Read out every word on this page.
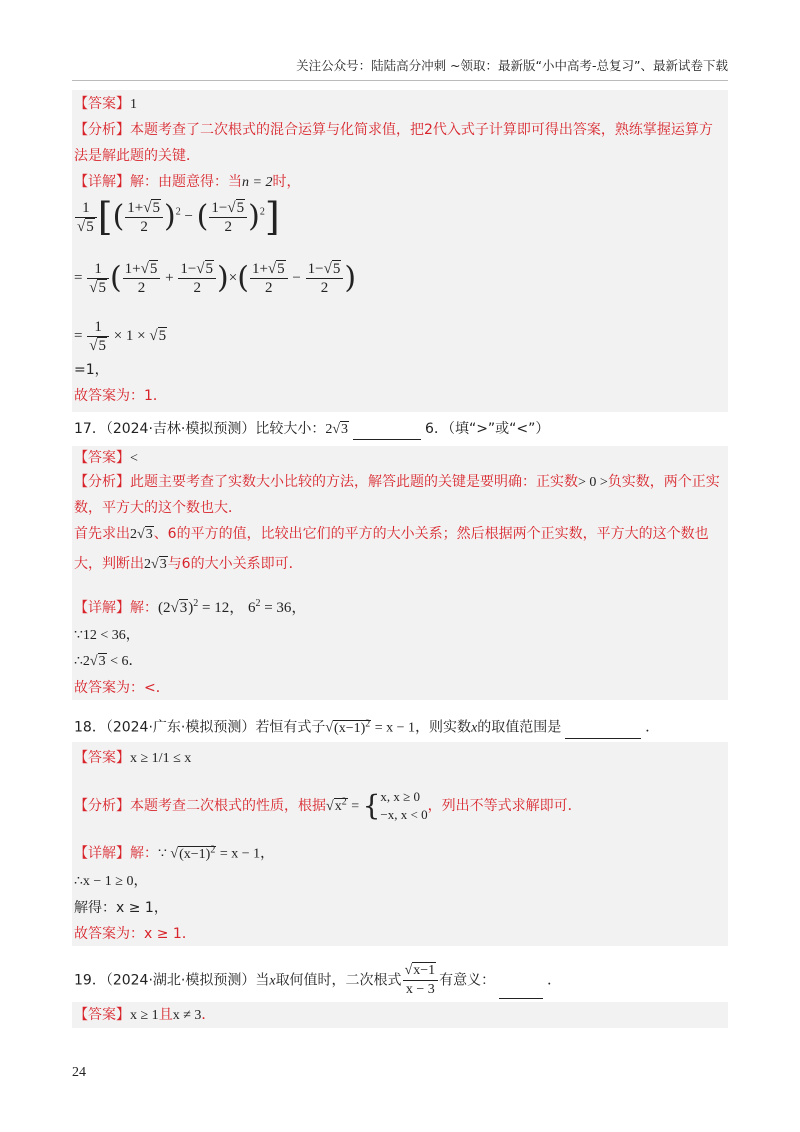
关注公众号：陆陆高分冲刺 ~领取：最新版“小中高考-总复习”、最新试卷下载
【答案】1
【分析】本题考查了二次根式的混合运算与化简求值，把2代入式子计算即可得出答案，熟练掌握运算方
法是解此题的关键．
【详解】解：由题意得：当n = 2时，
$\frac{1}{√5}$ [( $\frac{1+√5}{2} )^2$ − ( $\frac{1-√5}{2} )^2$]
= $\frac{1}{√5}$ ( $\frac{1+√5}{2} + \frac{1-√5}{2}$ )×( $\frac{1+√5}{2} - \frac{1-√5}{2}$ )
= $\frac{1}{√5} \times 1 \times √5$
=1，
故答案为：1．
17．（2024·吉林·模拟预测）比较大小：2√3	6．（填“>”或“<”）
【答案】<
【分析】此题主要考查了实数大小比较的方法，解答此题的关键是要明确：正实数> 0 >负实数，两个正实
数，平方大的这个数也大．
首先求出2√3、6的平方的值，比较出它们的平方的大小关系；然后根据两个正实数，平方大的这个数也
大，判断出2√3与6的大小关系即可．
【详解】解：$(2√3)^2 = 12$， $6^2 = 36$，
∵12 < 36，
∴2√3 < 6．
故答案为：<．
18．（2024·广东·模拟预测）若恒有式子$√(x-1)^2 = x - 1$，则实数x的取值范围是	．
【答案】x ≥ 1/1 ≤ x
【分析】本题考查二次根式的性质，根据$√x^2$ = { x, x ≥ 0
−x, x < 0
，列出不等式求解即可．
【详解】解：∵ $√(x-1)^2 = x - 1$，
∴x − 1 ≥ 0，
解得：x ≥ 1，
故答案为：x ≥ 1．
19．（2024·湖北·模拟预测）当x取何值时，二次根式 $\frac{√x-1}{x - 3}$ 有意义：	．
【答案】x ≥ 1且x ≠ 3．
24
